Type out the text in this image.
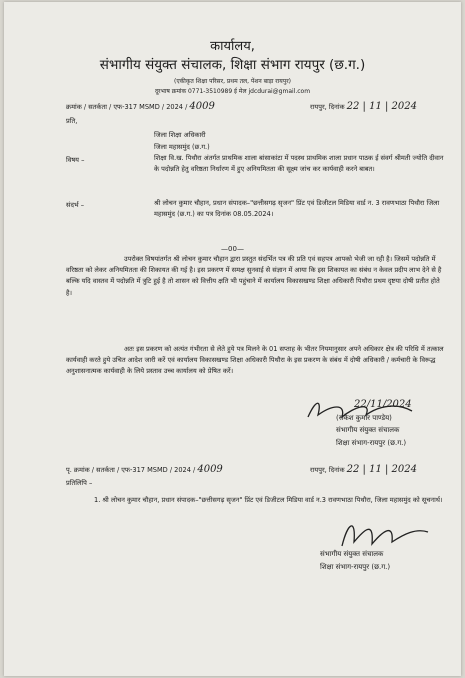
कार्यालय,
संभागीय संयुक्त संचालक, शिक्षा संभाग रायपुर (छ.ग.)
(एकीकृत शिक्षा परिसर, प्रथम तल, पेंशन बाड़ा रायपुर)
दूरभाष क्रमांक 0771-3510989 ई मेल jdcdurai@gmail.com
क्रमांक / सतर्कता / एफ-317 MSMD / 2024 / 4009	रायपुर, दिनांक 22 | 11 | 2024
प्रति,
जिला शिक्षा अधिकारी
जिला महासमुंद (छ.ग.)
विषय –	शिक्षा वि.ख. पिथौरा अंतर्गत प्राथमिक शाला बांसाकांटा में पदस्थ प्राथमिक शाला प्रधान पाठक ई संवर्ग श्रीमती ज्योति दीवान के पदोन्नति हेतु वरिष्ठता निर्धारण में हुए अनियमितता की सूक्ष्म जांच कर कार्यवाही करने बाबत।
संदर्भ –	श्री लोचन कुमार चौहान, प्रधान संपादक–"छत्तीसगढ़ सृजन" प्रिंट एवं डिजीटल मिडिया वार्ड न. 3 रावणभाठा पिथौरा जिला महासमुंद (छ.ग.) का पत्र दिनांक 08.05.2024।
—00—
उपरोक्त विषयांतर्गत श्री लोचन कुमार चौहान द्वारा प्रस्तुत संदर्भित पत्र की प्रति एवं सहपत्र आपको भेजी जा रही है। जिसमें पदोन्नति में वरिष्ठता को लेकर अनियमितता की शिकायत की गई है। इस प्रकरण में समक्ष सुनवाई से संज्ञान में आया कि इस शिकायत का संबंध न केवल प्रदीप लाभ देने से है बल्कि यदि वास्तव में पदोन्नति में त्रुटि हुई है तो शासन को वित्तीय क्षति भी पहुंचाने में कार्यालय विकासखण्ड शिक्षा अधिकारी पिथौरा प्रथम दृष्टया दोषी प्रतीत होते है।
अतः इस प्रकरण को अत्यंत गंभीरता से लेते हुये पत्र मिलने के 01 सप्ताह के भीतर नियमानुसार अपने अधिकार क्षेत्र की परिधि में तत्काल कार्यवाही करते हुये उचित आदेश जारी करें एवं कार्यालय विकासखण्ड शिक्षा अधिकारी पिथौरा के इस प्रकरण के संबंध में दोषी अधिकारी / कर्मचारी के विरूद्ध अनुशासनात्मक कार्यवाही के लिये प्रस्ताव उच्च कार्यालय को प्रेषित करें।
22/11/2024
(राकेश कुमार पाण्डेय)
संभागीय संयुक्त संचालक
शिक्षा संभाग-रायपुर (छ.ग.)
पृ. क्रमांक / सतर्कता / एफ-317 MSMD / 2024 / 4009	रायपुर, दिनांक 22 | 11 | 2024
प्रतिलिपि –
1. श्री लोचन कुमार चौहान, प्रधान संपादक–"छत्तीसगढ़ सृजन" प्रिंट एवं डिजीटल मिडिया वार्ड न.3 रावणभाठा पिथौरा, जिला महासमुंद को सूचनार्थ।
संभागीय संयुक्त संचालक
शिक्षा संभाग-रायपुर (छ.ग.)
